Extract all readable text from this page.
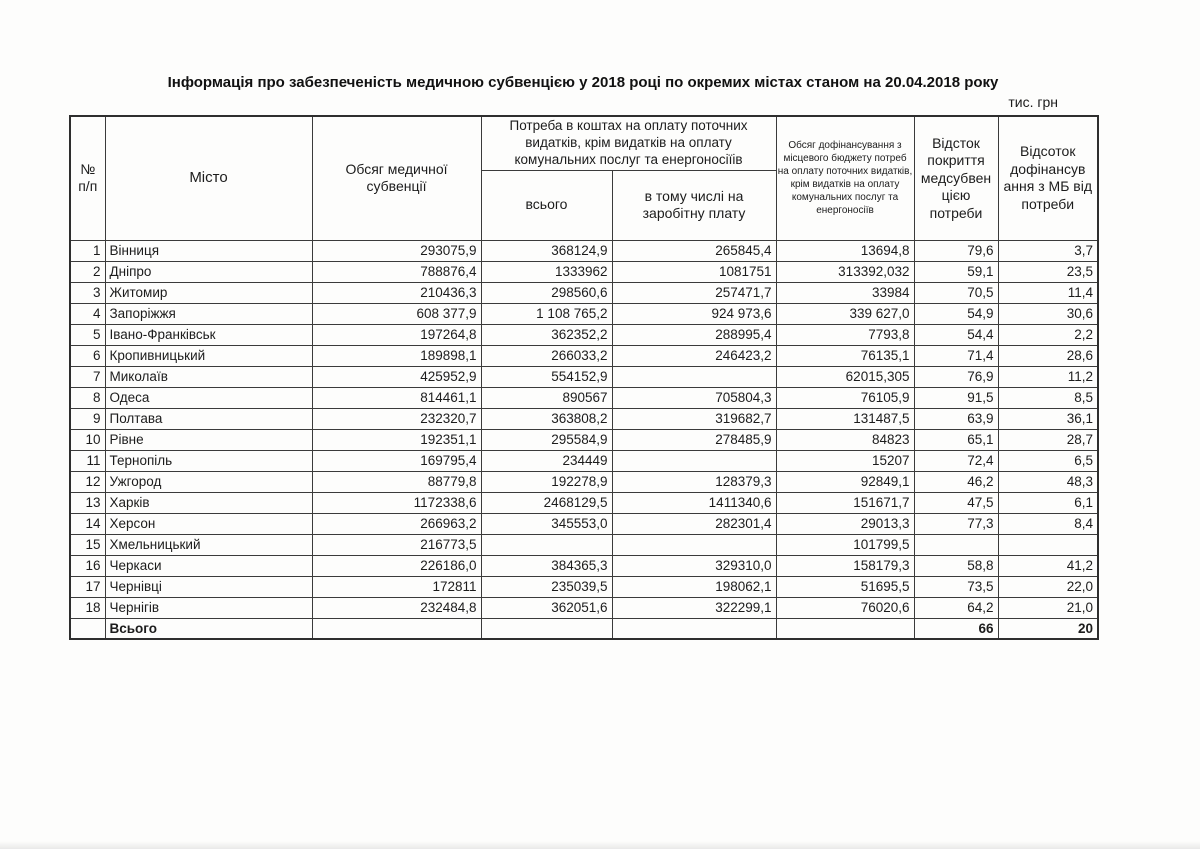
Інформація про забезпеченість медичною субвенцією у 2018 році по окремих містах станом на 20.04.2018 року
тис. грн
№ п/п	Місто	Обсяг медичної субвенції	Потреба в коштах на оплату поточних видатків, крім видатків на оплату комунальних послуг та енергоносіїів		Обсяг дофінансування з місцевого бюджету потреб на оплату поточних видатків, крім видатків на оплату комунальних послуг та енергоносіїв	Відсток покриття медсубвен цією потреби	Відсоток дофінансув ання з МБ від потреби
			всього	в тому числі на заробітну плату			
1	Вінниця	293075,9	368124,9	265845,4	13694,8	79,6	3,7
2	Дніпро	788876,4	1333962	1081751	313392,032	59,1	23,5
3	Житомир	210436,3	298560,6	257471,7	33984	70,5	11,4
4	Запоріжжя	608 377,9	1 108 765,2	924 973,6	339 627,0	54,9	30,6
5	Івано-Франківськ	197264,8	362352,2	288995,4	7793,8	54,4	2,2
6	Кропивницький	189898,1	266033,2	246423,2	76135,1	71,4	28,6
7	Миколаїв	425952,9	554152,9		62015,305	76,9	11,2
8	Одеса	814461,1	890567	705804,3	76105,9	91,5	8,5
9	Полтава	232320,7	363808,2	319682,7	131487,5	63,9	36,1
10	Рівне	192351,1	295584,9	278485,9	84823	65,1	28,7
11	Тернопіль	169795,4	234449		15207	72,4	6,5
12	Ужгород	88779,8	192278,9	128379,3	92849,1	46,2	48,3
13	Харків	1172338,6	2468129,5	1411340,6	151671,7	47,5	6,1
14	Херсон	266963,2	345553,0	282301,4	29013,3	77,3	8,4
15	Хмельницький	216773,5			101799,5		
16	Черкаси	226186,0	384365,3	329310,0	158179,3	58,8	41,2
17	Чернівці	172811	235039,5	198062,1	51695,5	73,5	22,0
18	Чернігів	232484,8	362051,6	322299,1	76020,6	64,2	21,0
	Всього					66	20
